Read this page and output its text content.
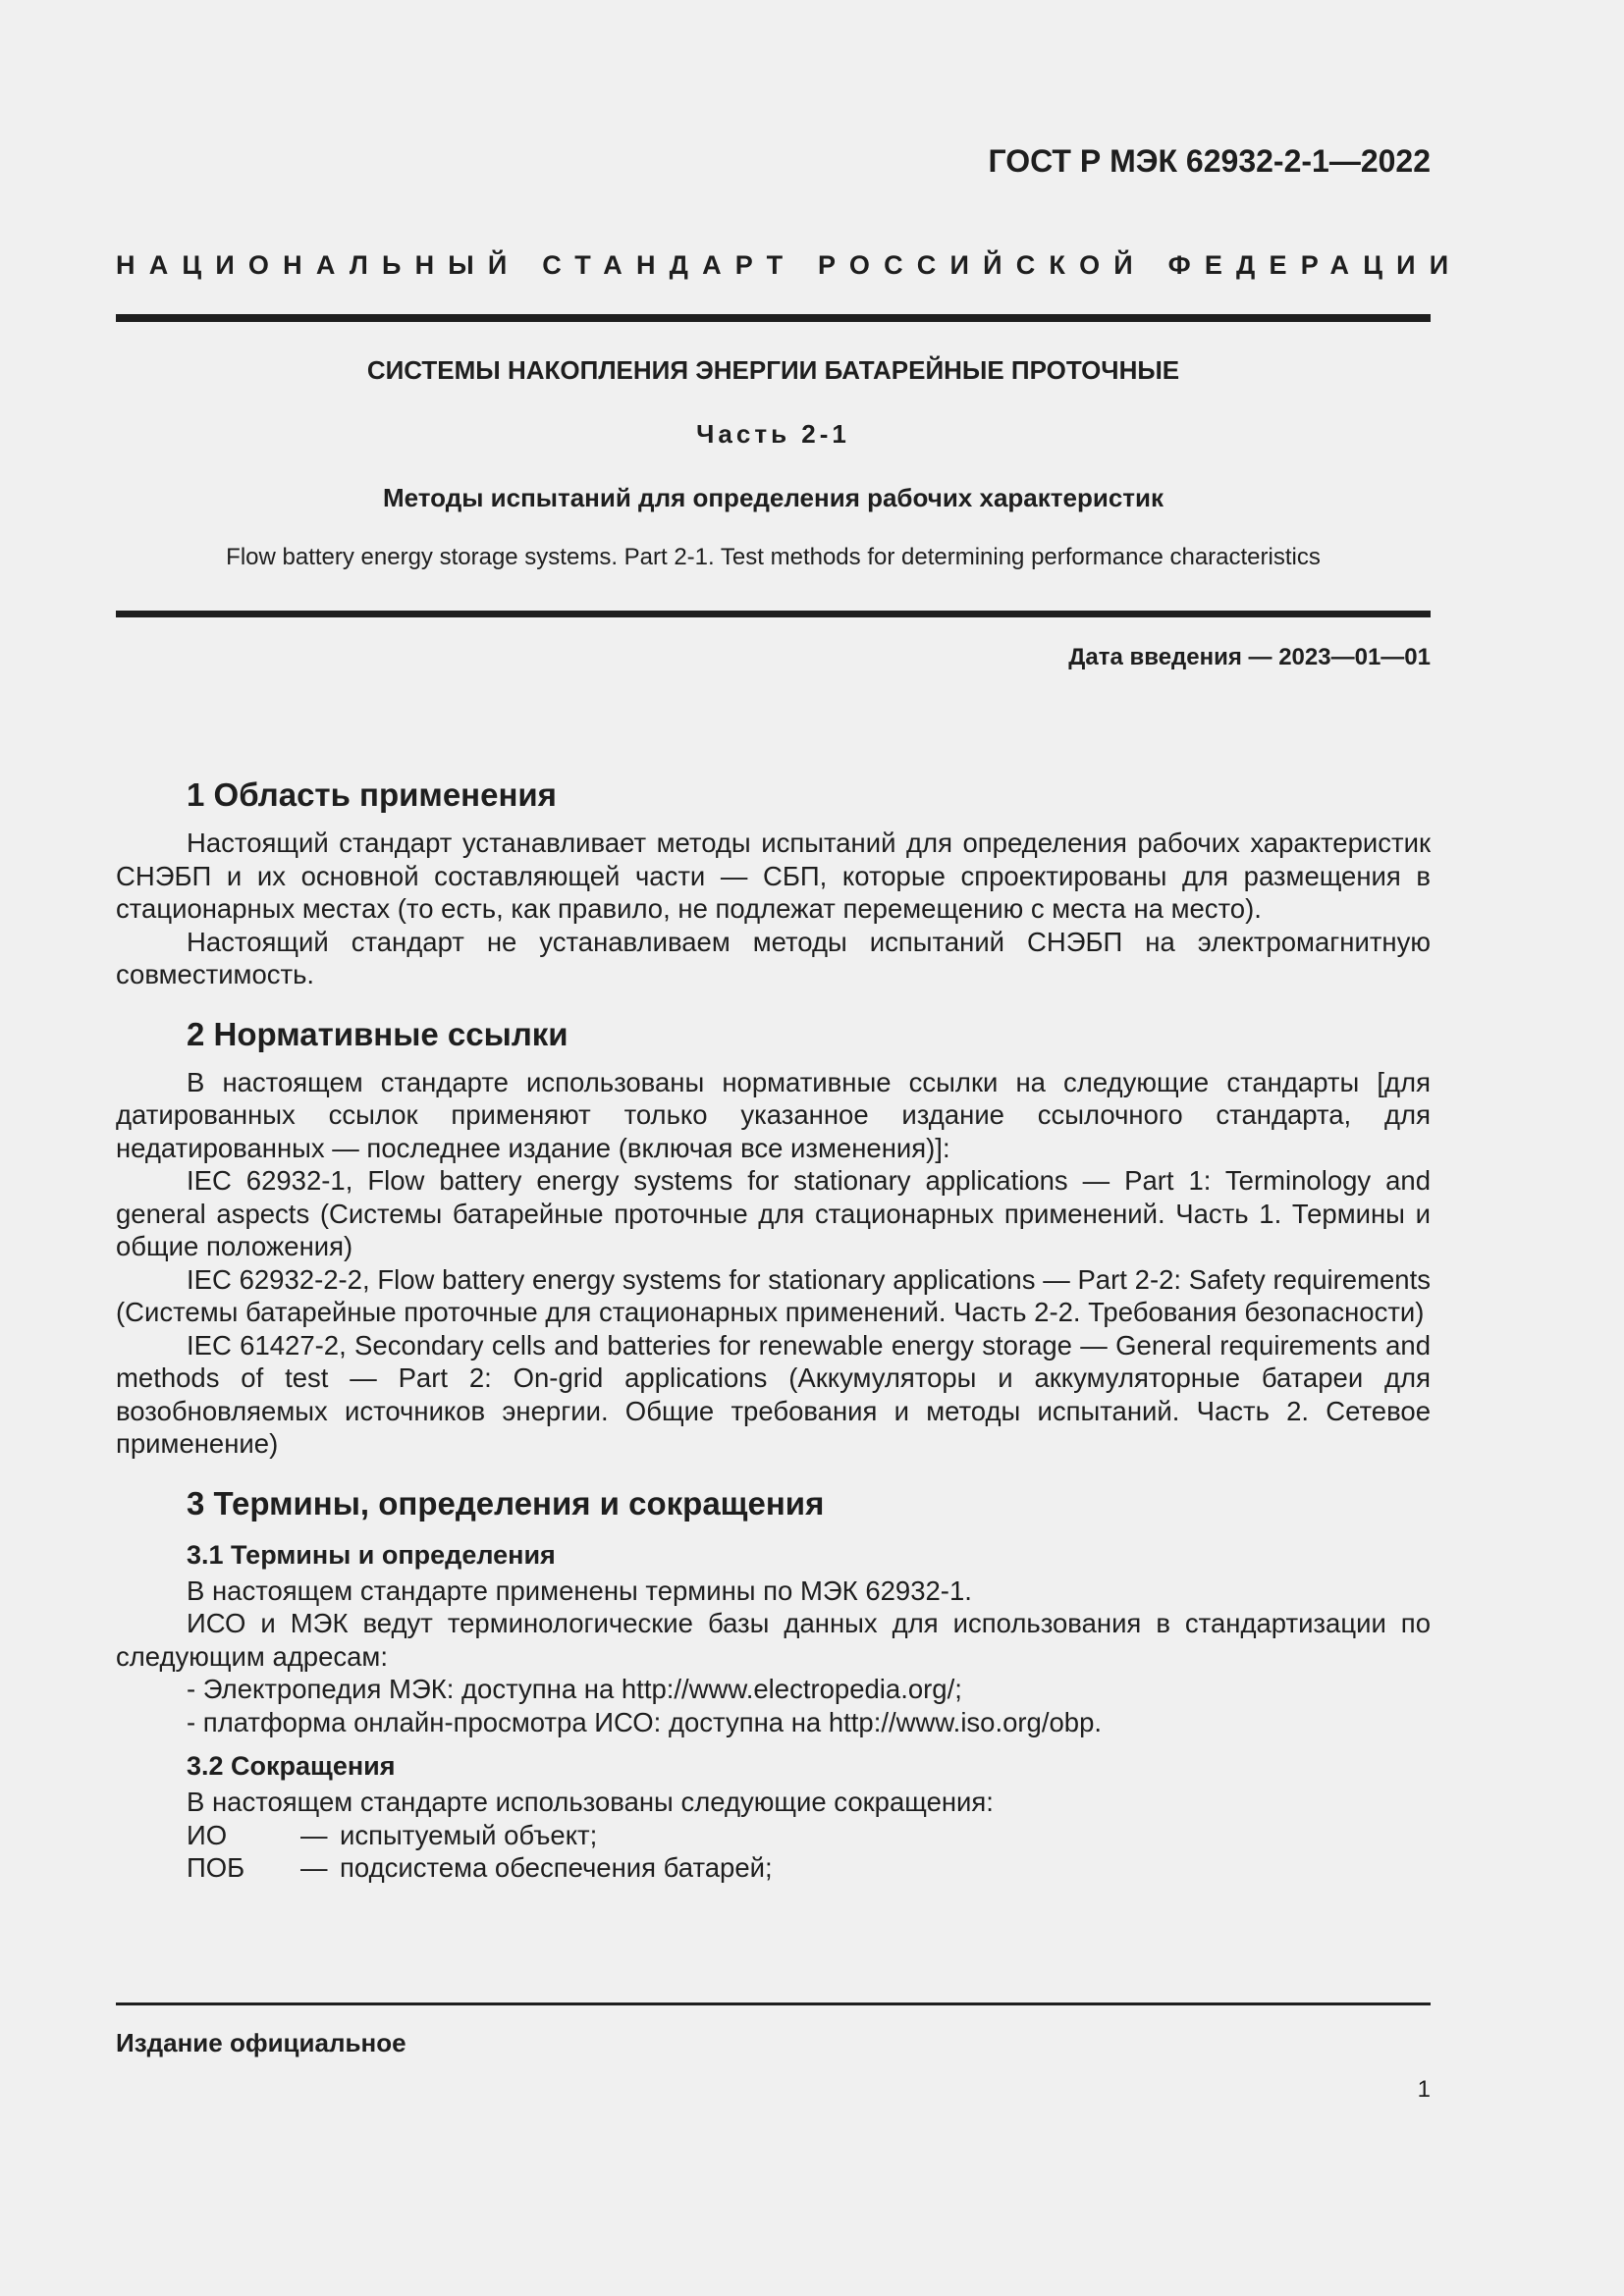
ГОСТ Р МЭК 62932-2-1—2022
НАЦИОНАЛЬНЫЙ СТАНДАРТ РОССИЙСКОЙ ФЕДЕРАЦИИ
СИСТЕМЫ НАКОПЛЕНИЯ ЭНЕРГИИ БАТАРЕЙНЫЕ ПРОТОЧНЫЕ
Часть 2-1
Методы испытаний для определения рабочих характеристик
Flow battery energy storage systems. Part 2-1. Test methods for determining performance characteristics
Дата введения — 2023—01—01
1 Область применения

Настоящий стандарт устанавливает методы испытаний для определения рабочих характеристик СНЭБП и их основной составляющей части — СБП, которые спроектированы для размещения в стационарных местах (то есть, как правило, не подлежат перемещению с места на место).

Настоящий стандарт не устанавливаем методы испытаний СНЭБП на электромагнитную совместимость.

2 Нормативные ссылки

В настоящем стандарте использованы нормативные ссылки на следующие стандарты [для датированных ссылок применяют только указанное издание ссылочного стандарта, для недатированных — последнее издание (включая все изменения)]:

IEC 62932-1, Flow battery energy systems for stationary applications — Part 1: Terminology and general aspects (Системы батарейные проточные для стационарных применений. Часть 1. Термины и общие положения)

IEC 62932-2-2, Flow battery energy systems for stationary applications — Part 2-2: Safety requirements (Системы батарейные проточные для стационарных применений. Часть 2-2. Требования безопасности)

IEC 61427-2, Secondary cells and batteries for renewable energy storage — General requirements and methods of test — Part 2: On-grid applications (Аккумуляторы и аккумуляторные батареи для возобновляемых источников энергии. Общие требования и методы испытаний. Часть 2. Сетевое применение)

3 Термины, определения и сокращения
3.1 Термины и определения

В настоящем стандарте применены термины по МЭК 62932-1.

ИСО и МЭК ведут терминологические базы данных для использования в стандартизации по следующим адресам:

- Электропедия МЭК: доступна на http://www.electropedia.org/;

- платформа онлайн-просмотра ИСО: доступна на http://www.iso.org/obp.

3.2 Сокращения

В настоящем стандарте использованы следующие сокращения:

ИО	— испытуемый объект;
ПОБ	— подсистема обеспечения батарей;
Издание официальное
1
